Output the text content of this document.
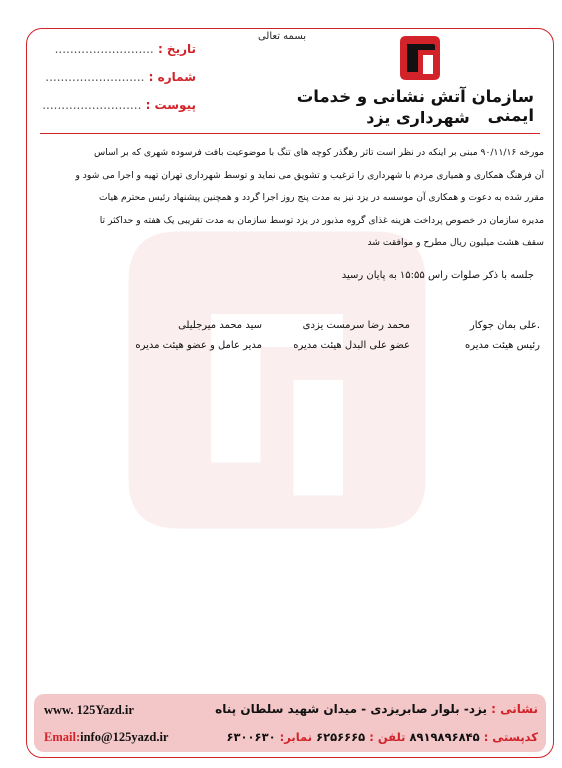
بسمه تعالی
سازمان آتش نشانی و خدمات ایمنی
شهرداری یزد
تاریخ : ..........................
شماره : ..........................
پیوست : ..........................

مورخه ۹۰/۱۱/۱۶ مبنی بر اینکه در نظر است تاثر رهگذر کوچه های تنگ با موضوعیت بافت فرسوده شهری که بر اساس

آن فرهنگ همکاری و همیاری مردم با شهرداری را ترغیب و تشویق می نماید و توسط شهرداری تهران تهیه و اجرا می شود و

مقرر شده به دعوت و همکاری آن موسسه در یزد نیز به مدت پنج روز اجرا گردد و همچنین پیشنهاد رئیس محترم هیات

مدیره سازمان در خصوص پرداخت هزینه غذای گروه مذبور در یزد توسط سازمان به مدت تقریبی یک هفته و حداکثر تا

سقف هشت میلیون ریال مطرح و موافقت شد

جلسه با ذکر صلوات راس ۱۵:۵۵ به پایان رسید
.علی بمان جوکار
رئیس هیئت مدیره
محمد رضا سرمست یزدی
عضو علی البدل هیئت مدیره
سید محمد میرجلیلی
مدیر عامل و عضو هیئت مدیره
نشانی : یزد- بلوار صابریزدی - میدان شهید سلطان پناه
کدپستی : ۸۹۱۹۸۹۶۸۴۵ تلفن : ۶۲۵۶۶۶۵ نمابر: ۶۳۰۰۶۳۰
www. 125Yazd.ir
Email:info@125yazd.ir
